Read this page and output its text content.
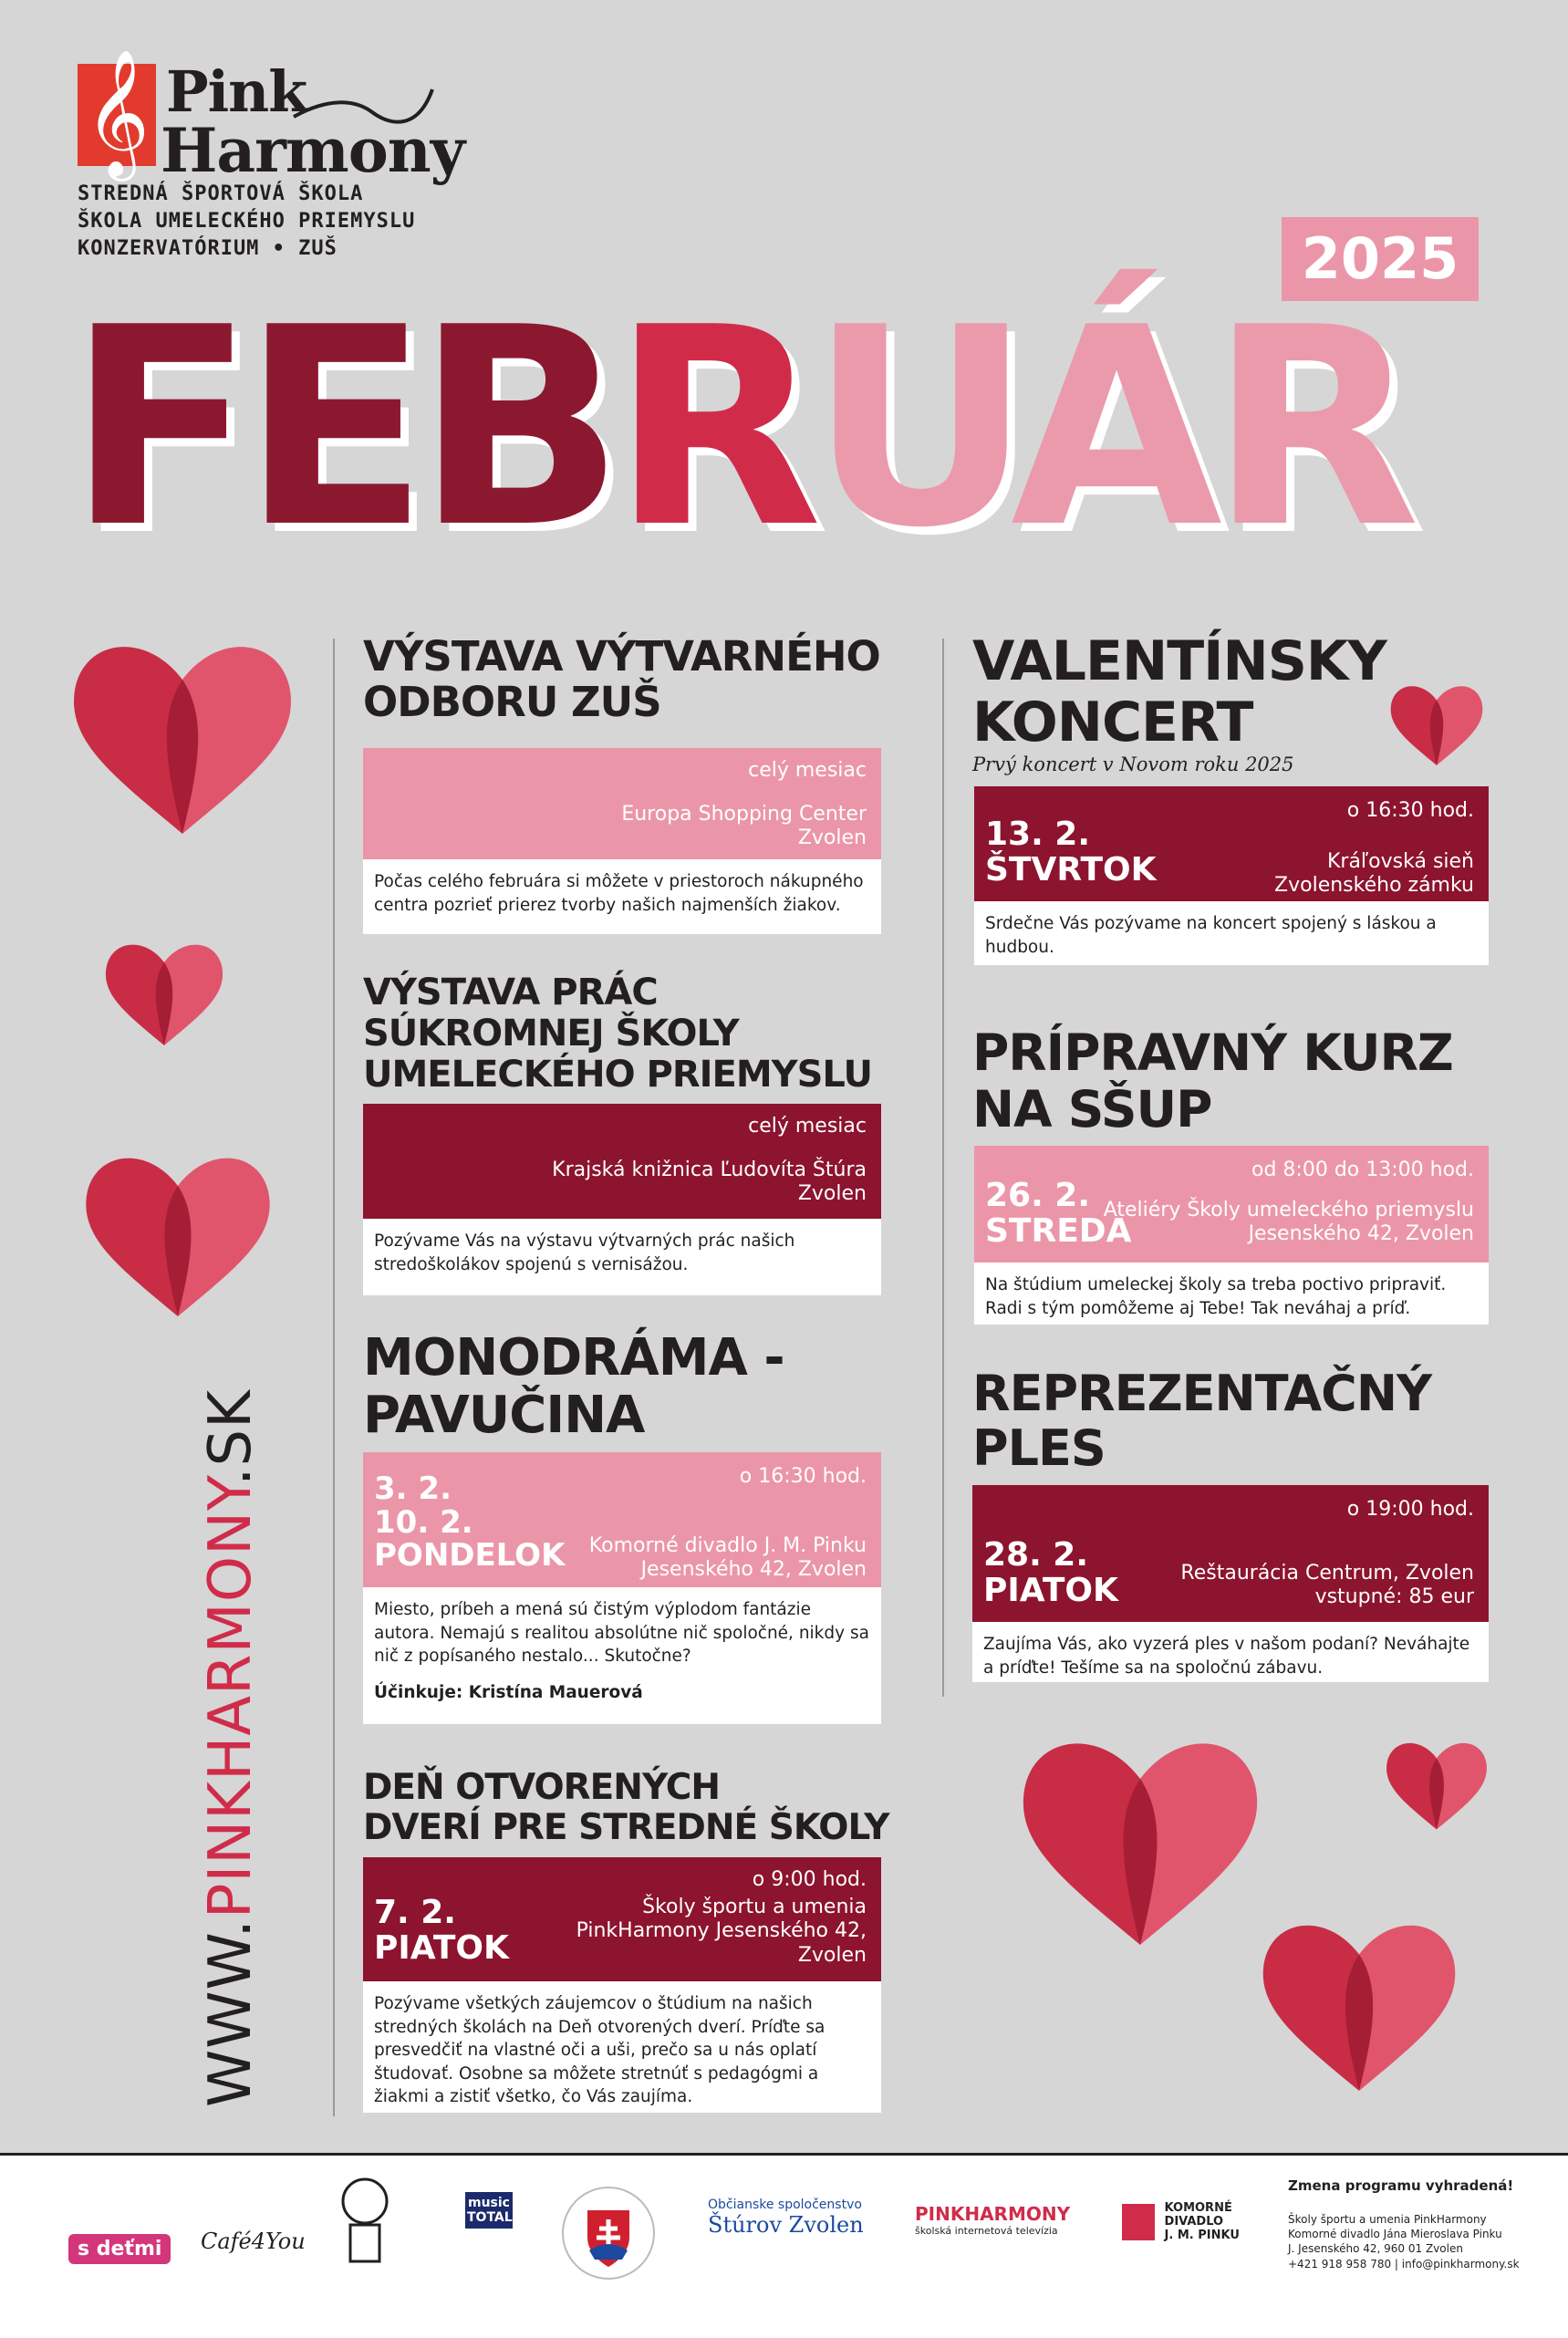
𝄞 Pink
Harmony
STREDNÁ ŠPORTOVÁ ŠKOLA
ŠKOLA UMELECKÉHO PRIEMYSLU
KONZERVATÓRIUM • ZUŠ	2025
FEBRUÁR
VÝSTAVA VÝTVARNÉHO
ODBORU ZUŠ
celý mesiac
Europa Shopping Center
Zvolen

Počas celého februára si môžete v priestoroch nákupného centra pozrieť prierez tvorby našich najmenších žiakov.

VÝSTAVA PRÁC
SÚKROMNEJ ŠKOLY
UMELECKÉHO PRIEMYSLU
celý mesiac
Krajská knižnica Ľudovíta Štúra
Zvolen

Pozývame Vás na výstavu výtvarných prác našich stredoškolákov spojenú s vernisážou.

MONODRÁMA -
PAVUČINA
o 16:30 hod.
3. 2.
10. 2.
PONDELOK Komorné divadlo J. M. Pinku
Jesenského 42, Zvolen

Miesto, príbeh a mená sú čistým výplodom fantázie autora. Nemajú s realitou absolútne nič spoločné, nikdy sa nič z popísaného nestalo... Skutočne?

Účinkuje: Kristína Mauerová

DEŇ OTVORENÝCH
DVERÍ PRE STREDNÉ ŠKOLY
o 9:00 hod.
7. 2.
PIATOK
Školy športu a umenia
PinkHarmony Jesenského 42,
Zvolen

Pozývame všetkých záujemcov o štúdium na našich stredných školách na Deň otvorených dverí. Príďte sa presvedčiť na vlastné oči a uši, prečo sa u nás oplatí študovať. Osobne sa môžete stretnúť s pedagógmi a žiakmi a zistiť všetko, čo Vás zaujíma.

VALENTÍNSKY
KONCERT
Prvý koncert v Novom roku 2025
o 16:30 hod.
13. 2.
ŠTVRTOK	Kráľovská sieň
Zvolenského zámku

Srdečne Vás pozývame na koncert spojený s láskou a hudbou.

PRÍPRAVNÝ KURZ
NA SŠUP
od 8:00 do 13:00 hod.
26. 2.
STREDA
Ateliéry Školy umeleckého priemyslu
Jesenského 42, Zvolen

Na štúdium umeleckej školy sa treba poctivo pripraviť. Radi s tým pomôžeme aj Tebe! Tak neváhaj a príď.

REPREZENTAČNÝ
PLES
o 19:00 hod.
28. 2.
PIATOK	Reštaurácia Centrum, Zvolen
vstupné: 85 eur

Zaujíma Vás, ako vyzerá ples v našom podaní? Neváhajte a príďte! Tešíme sa na spoločnú zábavu.

WWW.PINKHARMONY.SK
s deťmi	Café4You
music TOTAL
Občianske spoločenstvo
Štúrov Zvolen	PINKHARMONY
školská internetová televízia

KOMORNÉ
DIVADLO
J. M. PINKU
Zmena programu vyhradená!
Školy športu a umenia PinkHarmony
Komorné divadlo Jána Mieroslava Pinku
J. Jesenského 42, 960 01 Zvolen
+421 918 958 780 | info@pinkharmony.sk
